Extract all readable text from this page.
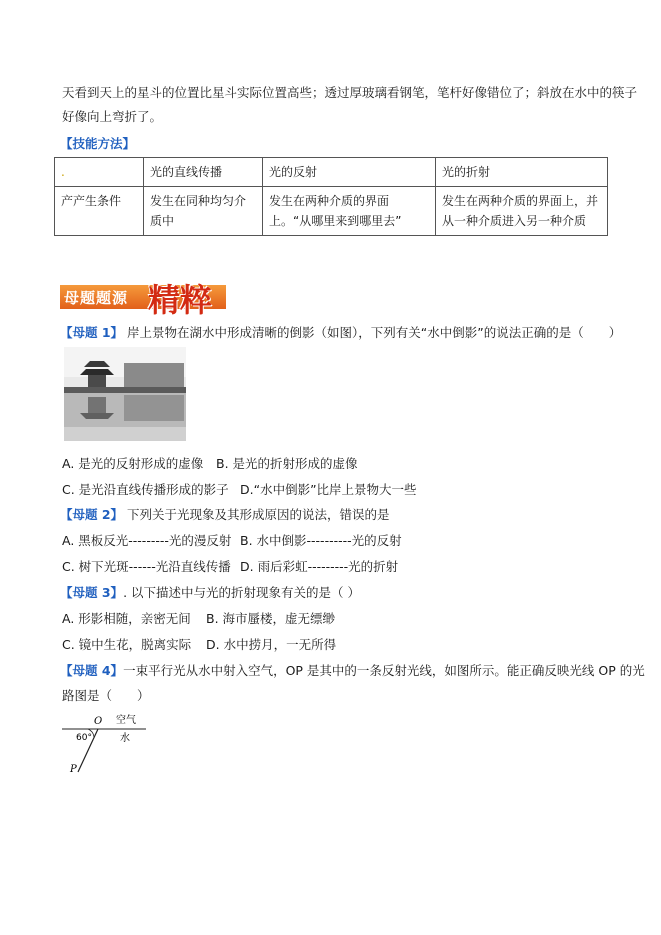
天看到天上的星斗的位置比星斗实际位置高些；透过厚玻璃看钢笔，笔杆好像错位了；斜放在水中的筷子
好像向上弯折了。
【技能方法】
.	光的直线传播	光的反射	光的折射
产产生条件	发生在同种均匀介质中	发生在两种介质的界面上。“从哪里来到哪里去”	发生在两种介质的界面上，并从一种介质进入另一种介质
母题题源 精粹
【母题 1】 岸上景物在湖水中形成清晰的倒影（如图），下列有关“水中倒影”的说法正确的是（　　）
A. 是光的反射形成的虚像 B. 是光的折射形成的虚像
C. 是光沿直线传播形成的影子 D.“水中倒影”比岸上景物大一些
【母题 2】 下列关于光现象及其形成原因的说法，错误的是
A. 黑板反光---------光的漫反射 B. 水中倒影----------光的反射
C. 树下光斑------光沿直线传播 D. 雨后彩虹---------光的折射
【母题 3】. 以下描述中与光的折射现象有关的是（ ）
A. 形影相随，亲密无间 B. 海市蜃楼，虚无缥缈
C. 镜中生花，脱离实际 D. 水中捞月，一无所得
【母题 4】一束平行光从水中射入空气，OP 是其中的一条反射光线，如图所示。能正确反映光线 OP 的光
路图是（　　）
O 空气
水
60°
P
